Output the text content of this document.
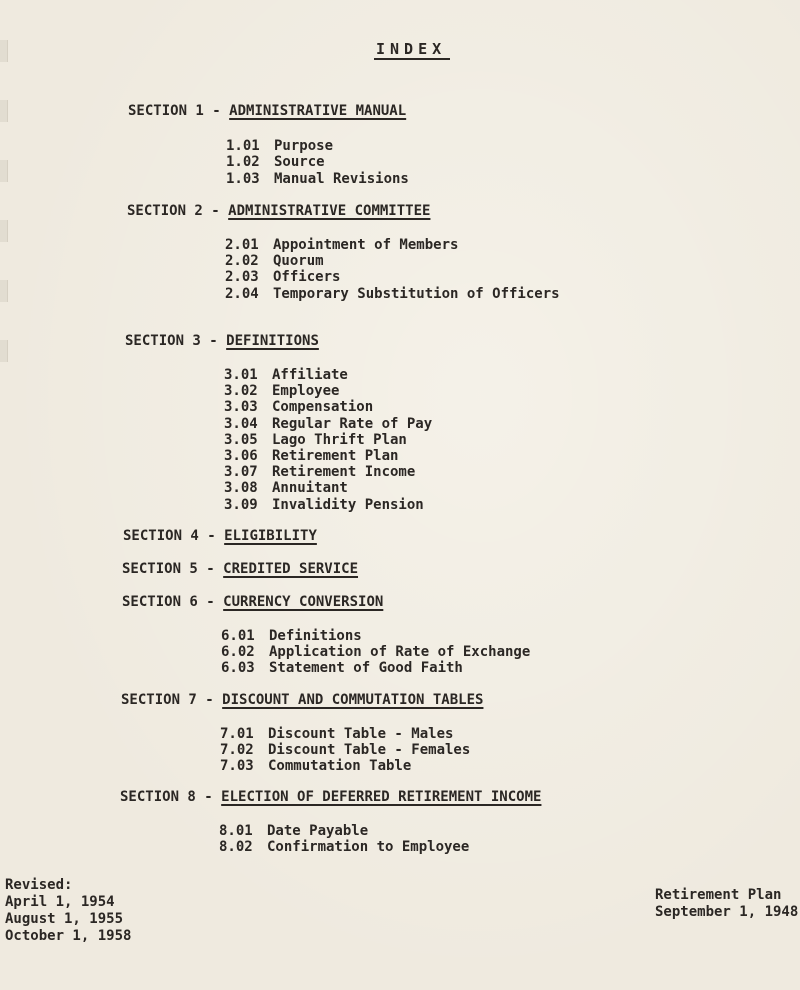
INDEX
SECTION 1 - ADMINISTRATIVE MANUAL
1.01 Purpose
1.02 Source
1.03 Manual Revisions
SECTION 2 - ADMINISTRATIVE COMMITTEE
2.01 Appointment of Members
2.02 Quorum
2.03 Officers
2.04 Temporary Substitution of Officers
SECTION 3 - DEFINITIONS
3.01 Affiliate
3.02 Employee
3.03 Compensation
3.04 Regular Rate of Pay
3.05 Lago Thrift Plan
3.06 Retirement Plan
3.07 Retirement Income
3.08 Annuitant
3.09 Invalidity Pension
SECTION 4 - ELIGIBILITY
SECTION 5 - CREDITED SERVICE
SECTION 6 - CURRENCY CONVERSION
6.01 Definitions
6.02 Application of Rate of Exchange
6.03 Statement of Good Faith
SECTION 7 - DISCOUNT AND COMMUTATION TABLES
7.01 Discount Table - Males
7.02 Discount Table - Females
7.03 Commutation Table
SECTION 8 - ELECTION OF DEFERRED RETIREMENT INCOME
8.01 Date Payable
8.02 Confirmation to Employee
Revised:
April 1, 1954
August 1, 1955
October 1, 1958
Retirement Plan
September 1, 1948
